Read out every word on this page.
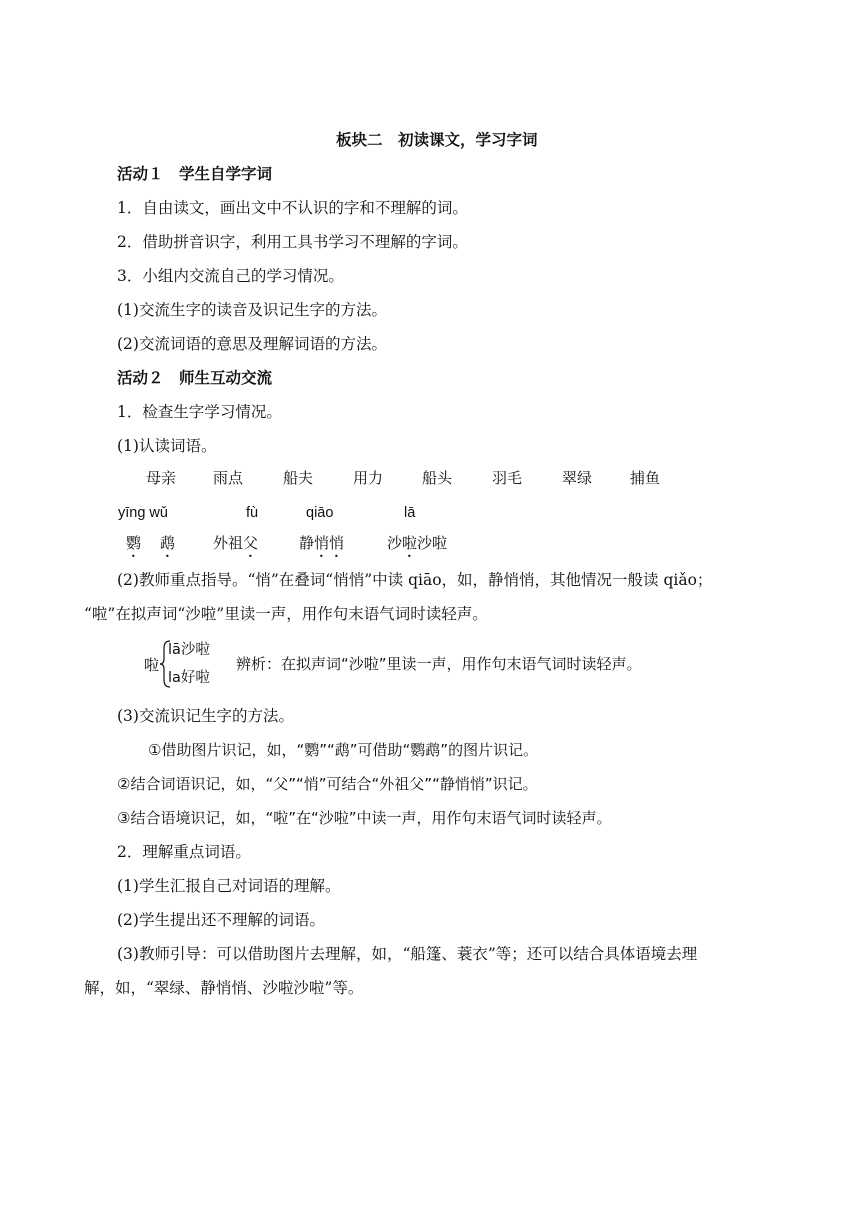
板块二　初读课文，学习字词
活动１　学生自学字词
1．自由读文，画出文中不认识的字和不理解的词。
2．借助拼音识字，利用工具书学习不理解的字词。
3．小组内交流自己的学习情况。
(1)交流生字的读音及识记生字的方法。
(2)交流词语的意思及理解词语的方法。
活动２　师生互动交流
1．检查生字学习情况。
(1)认读词语。
母亲 雨点	船夫	用力	船头	羽毛	翠绿	捕鱼
yīng wǔ	fù	qiāo	lā
鹦 鹉	外祖父	静悄悄	沙啦沙啦
(2)教师重点指导。“悄”在叠词“悄悄”中读 qiāo，如，静悄悄，其他情况一般读 qiǎo；
“啦”在拟声词“沙啦”里读一声，用作句末语气词时读轻声。
啦
lā沙啦
la好啦
辨析：在拟声词“沙啦”里读一声，用作句末语气词时读轻声。
(3)交流识记生字的方法。
①借助图片识记，如，“鹦”“鹉”可借助“鹦鹉”的图片识记。
②结合词语识记，如，“父”“悄”可结合“外祖父”“静悄悄”识记。
③结合语境识记，如，“啦”在“沙啦”中读一声，用作句末语气词时读轻声。
2．理解重点词语。
(1)学生汇报自己对词语的理解。
(2)学生提出还不理解的词语。
(3)教师引导：可以借助图片去理解，如，“船篷、蓑衣”等；还可以结合具体语境去理
解，如，“翠绿、静悄悄、沙啦沙啦”等。
